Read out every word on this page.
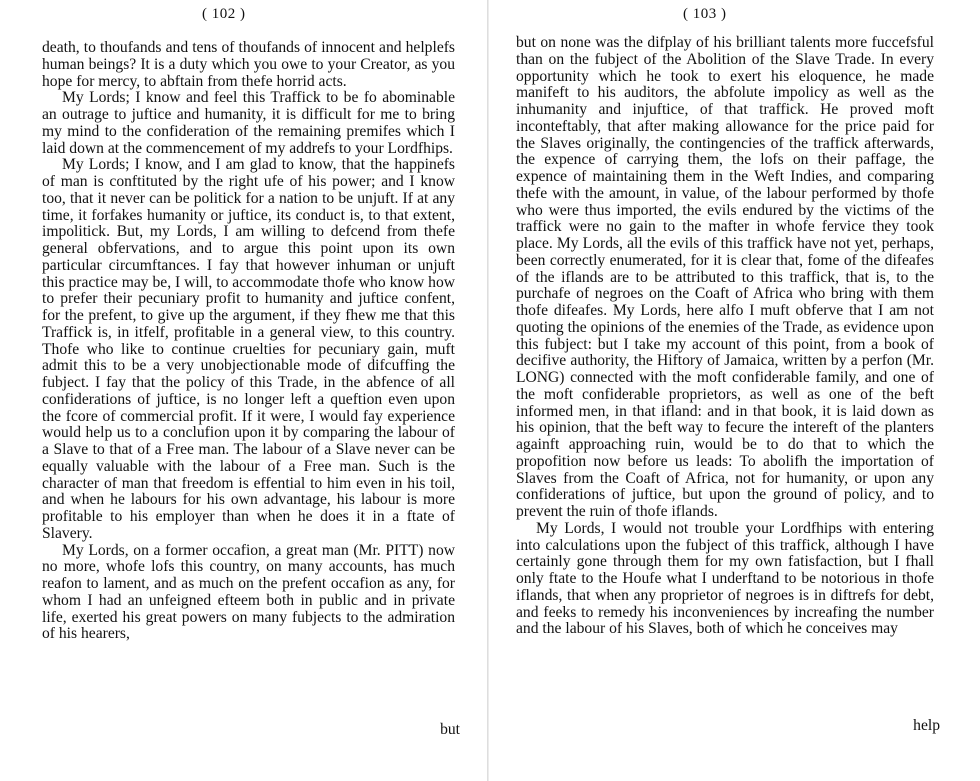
( 102 )

death, to thoufands and tens of thoufands of innocent and helplefs human beings? It is a duty which you owe to your Creator, as you hope for mercy, to abftain from thefe horrid acts.

My Lords; I know and feel this Traffick to be fo abominable an outrage to juftice and humanity, it is difficult for me to bring my mind to the confideration of the remaining premifes which I laid down at the commencement of my addrefs to your Lordfhips.

My Lords; I know, and I am glad to know, that the happinefs of man is conftituted by the right ufe of his power; and I know too, that it never can be politick for a nation to be unjuft. If at any time, it forfakes humanity or juftice, its conduct is, to that extent, impolitick. But, my Lords, I am willing to defcend from thefe general obfervations, and to argue this point upon its own particular circumftances. I fay that however inhuman or unjuft this practice may be, I will, to accommodate thofe who know how to prefer their pecuniary profit to humanity and juftice confent, for the prefent, to give up the argument, if they fhew me that this Traffick is, in itfelf, profitable in a general view, to this country. Thofe who like to continue cruelties for pecuniary gain, muft admit this to be a very unobjectionable mode of difcuffing the fubject. I fay that the policy of this Trade, in the abfence of all confiderations of juftice, is no longer left a queftion even upon the fcore of commercial profit. If it were, I would fay experience would help us to a conclufion upon it by comparing the labour of a Slave to that of a Free man. The labour of a Slave never can be equally valuable with the labour of a Free man. Such is the character of man that freedom is effential to him even in his toil, and when he labours for his own advantage, his labour is more profitable to his employer than when he does it in a ftate of Slavery.

My Lords, on a former occafion, a great man (Mr. PITT) now no more, whofe lofs this country, on many accounts, has much reafon to lament, and as much on the prefent occafion as any, for whom I had an unfeigned efteem both in public and in private life, exerted his great powers on many fubjects to the admiration of his hearers,

but
( 103 )

but on none was the difplay of his brilliant talents more fuccefsful than on the fubject of the Abolition of the Slave Trade. In every opportunity which he took to exert his eloquence, he made manifeft to his auditors, the abfolute impolicy as well as the inhumanity and injuftice, of that traffick. He proved moft inconteftably, that after making allowance for the price paid for the Slaves originally, the contingencies of the traffick afterwards, the expence of carrying them, the lofs on their paffage, the expence of maintaining them in the Weft Indies, and comparing thefe with the amount, in value, of the labour performed by thofe who were thus imported, the evils endured by the victims of the traffick were no gain to the mafter in whofe fervice they took place. My Lords, all the evils of this traffick have not yet, perhaps, been correctly enumerated, for it is clear that, fome of the difeafes of the iflands are to be attributed to this traffick, that is, to the purchafe of negroes on the Coaft of Africa who bring with them thofe difeafes. My Lords, here alfo I muft obferve that I am not quoting the opinions of the enemies of the Trade, as evidence upon this fubject: but I take my account of this point, from a book of decifive authority, the Hiftory of Jamaica, written by a perfon (Mr. LONG) connected with the moft confiderable family, and one of the moft confiderable proprietors, as well as one of the beft informed men, in that ifland: and in that book, it is laid down as his opinion, that the beft way to fecure the intereft of the planters againft approaching ruin, would be to do that to which the propofition now before us leads: To abolifh the importation of Slaves from the Coaft of Africa, not for humanity, or upon any confiderations of juftice, but upon the ground of policy, and to prevent the ruin of thofe iflands.

My Lords, I would not trouble your Lordfhips with entering into calculations upon the fubject of this traffick, although I have certainly gone through them for my own fatisfaction, but I fhall only ftate to the Houfe what I underftand to be notorious in thofe iflands, that when any proprietor of negroes is in diftrefs for debt, and feeks to remedy his inconveniences by increafing the number and the labour of his Slaves, both of which he conceives may

help
